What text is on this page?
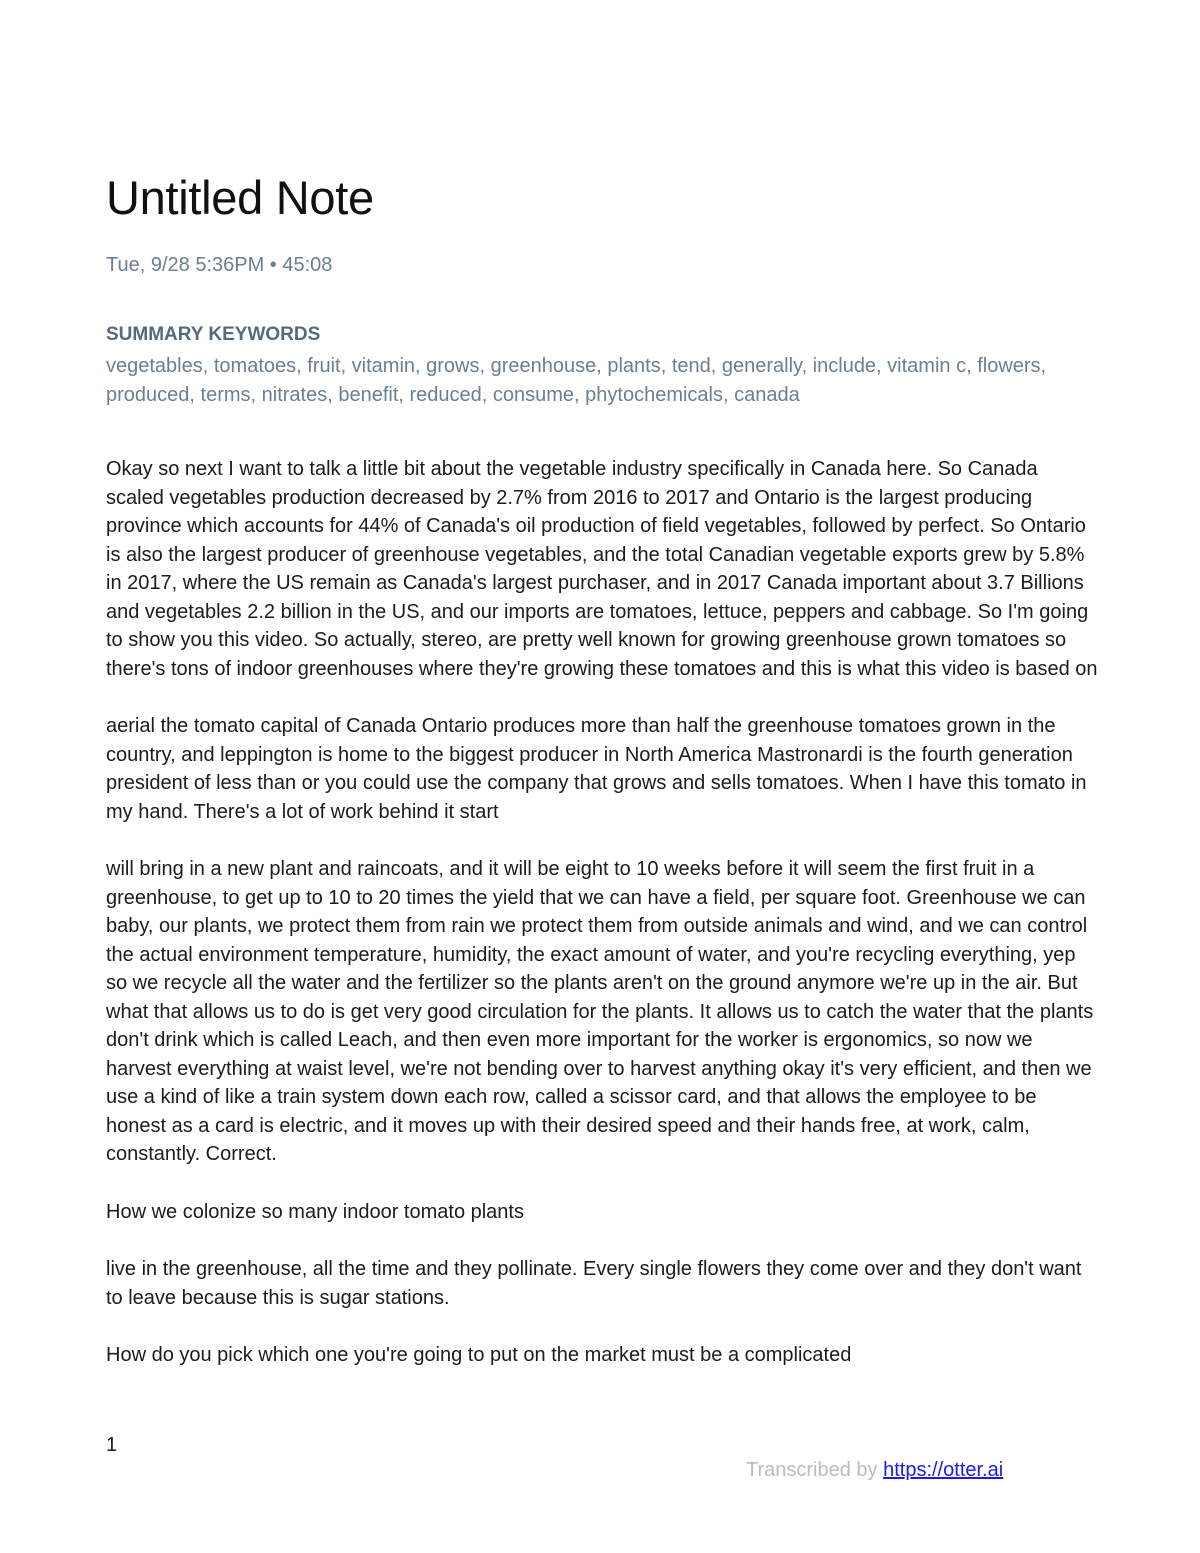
Untitled Note
Tue, 9/28 5:36PM • 45:08
SUMMARY KEYWORDS
vegetables, tomatoes, fruit, vitamin, grows, greenhouse, plants, tend, generally, include, vitamin c, flowers, produced, terms, nitrates, benefit, reduced, consume, phytochemicals, canada

Okay so next I want to talk a little bit about the vegetable industry specifically in Canada here. So Canada scaled vegetables production decreased by 2.7% from 2016 to 2017 and Ontario is the largest producing province which accounts for 44% of Canada's oil production of field vegetables, followed by perfect. So Ontario is also the largest producer of greenhouse vegetables, and the total Canadian vegetable exports grew by 5.8% in 2017, where the US remain as Canada's largest purchaser, and in 2017 Canada important about 3.7 Billions and vegetables 2.2 billion in the US, and our imports are tomatoes, lettuce, peppers and cabbage. So I'm going to show you this video. So actually, stereo, are pretty well known for growing greenhouse grown tomatoes so there's tons of indoor greenhouses where they're growing these tomatoes and this is what this video is based on

aerial the tomato capital of Canada Ontario produces more than half the greenhouse tomatoes grown in the country, and leppington is home to the biggest producer in North America Mastronardi is the fourth generation president of less than or you could use the company that grows and sells tomatoes. When I have this tomato in my hand. There's a lot of work behind it start

will bring in a new plant and raincoats, and it will be eight to 10 weeks before it will seem the first fruit in a greenhouse, to get up to 10 to 20 times the yield that we can have a field, per square foot. Greenhouse we can baby, our plants, we protect them from rain we protect them from outside animals and wind, and we can control the actual environment temperature, humidity, the exact amount of water, and you're recycling everything, yep so we recycle all the water and the fertilizer so the plants aren't on the ground anymore we're up in the air. But what that allows us to do is get very good circulation for the plants. It allows us to catch the water that the plants don't drink which is called Leach, and then even more important for the worker is ergonomics, so now we harvest everything at waist level, we're not bending over to harvest anything okay it's very efficient, and then we use a kind of like a train system down each row, called a scissor card, and that allows the employee to be honest as a card is electric, and it moves up with their desired speed and their hands free, at work, calm, constantly. Correct.

How we colonize so many indoor tomato plants

live in the greenhouse, all the time and they pollinate. Every single flowers they come over and they don't want to leave because this is sugar stations.

How do you pick which one you're going to put on the market must be a complicated

1
Transcribed by https://otter.ai
